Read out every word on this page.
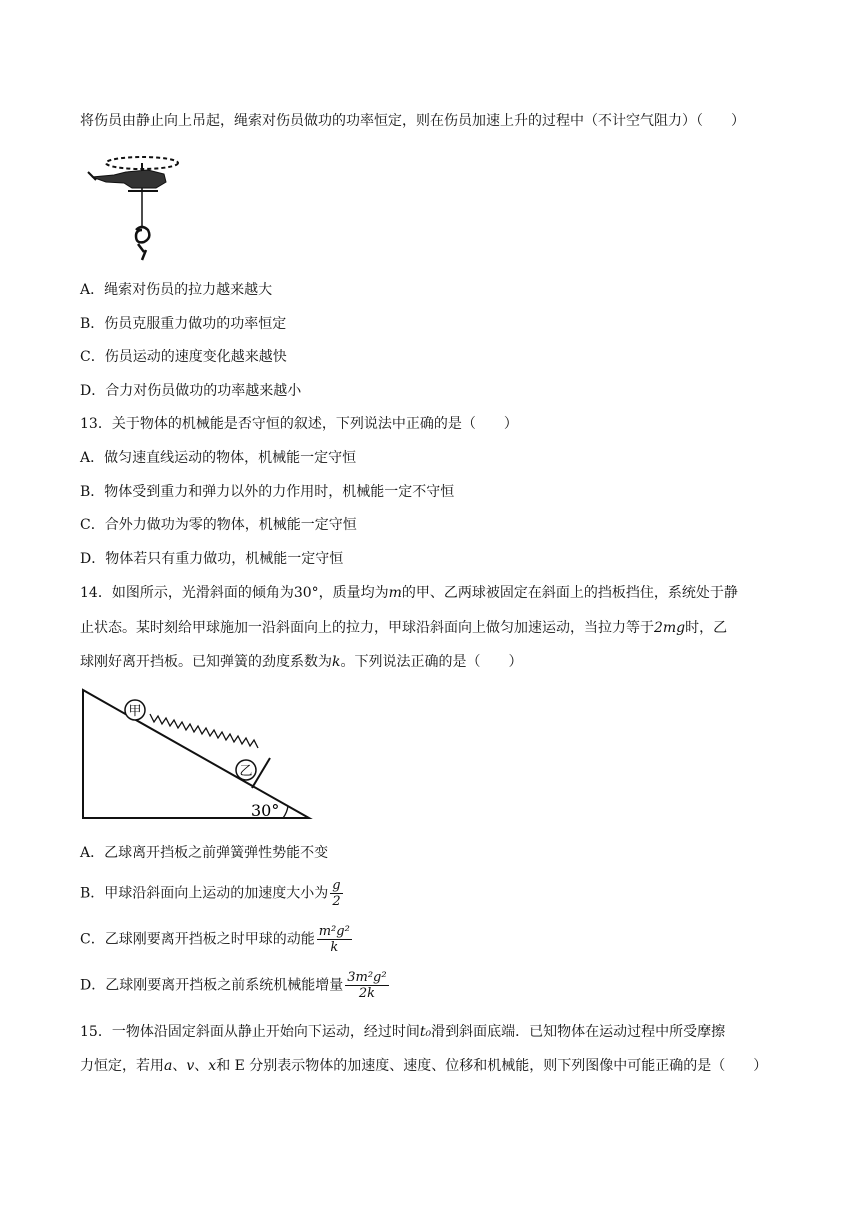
将伤员由静止向上吊起，绳索对伤员做功的功率恒定，则在伤员加速上升的过程中（不计空气阻力）（　　）
A．绳索对伤员的拉力越来越大
B．伤员克服重力做功的功率恒定
C．伤员运动的速度变化越来越快
D．合力对伤员做功的功率越来越小
13．关于物体的机械能是否守恒的叙述，下列说法中正确的是（　　）
A．做匀速直线运动的物体，机械能一定守恒
B．物体受到重力和弹力以外的力作用时，机械能一定不守恒
C．合外力做功为零的物体，机械能一定守恒
D．物体若只有重力做功，机械能一定守恒
14．如图所示，光滑斜面的倾角为30°，质量均为m的甲、乙两球被固定在斜面上的挡板挡住，系统处于静
止状态。某时刻给甲球施加一沿斜面向上的拉力，甲球沿斜面向上做匀加速运动，当拉力等于2mg时，乙
球刚好离开挡板。已知弹簧的劲度系数为k。下列说法正确的是（　　）
甲
乙
30°
A．乙球离开挡板之前弹簧弹性势能不变
B．甲球沿斜面向上运动的加速度大小为 $\frac{g}{2}$
C．乙球刚要离开挡板之时甲球的动能 $\frac{\text{m²g²}}{k}$
D．乙球刚要离开挡板之前系统机械能增量 $\frac{\text{3m²g²}}{2k}$
15．一物体沿固定斜面从静止开始向下运动，经过时间t₀滑到斜面底端．已知物体在运动过程中所受摩擦
力恒定，若用a、v、x和 E 分别表示物体的加速度、速度、位移和机械能，则下列图像中可能正确的是（　　）
